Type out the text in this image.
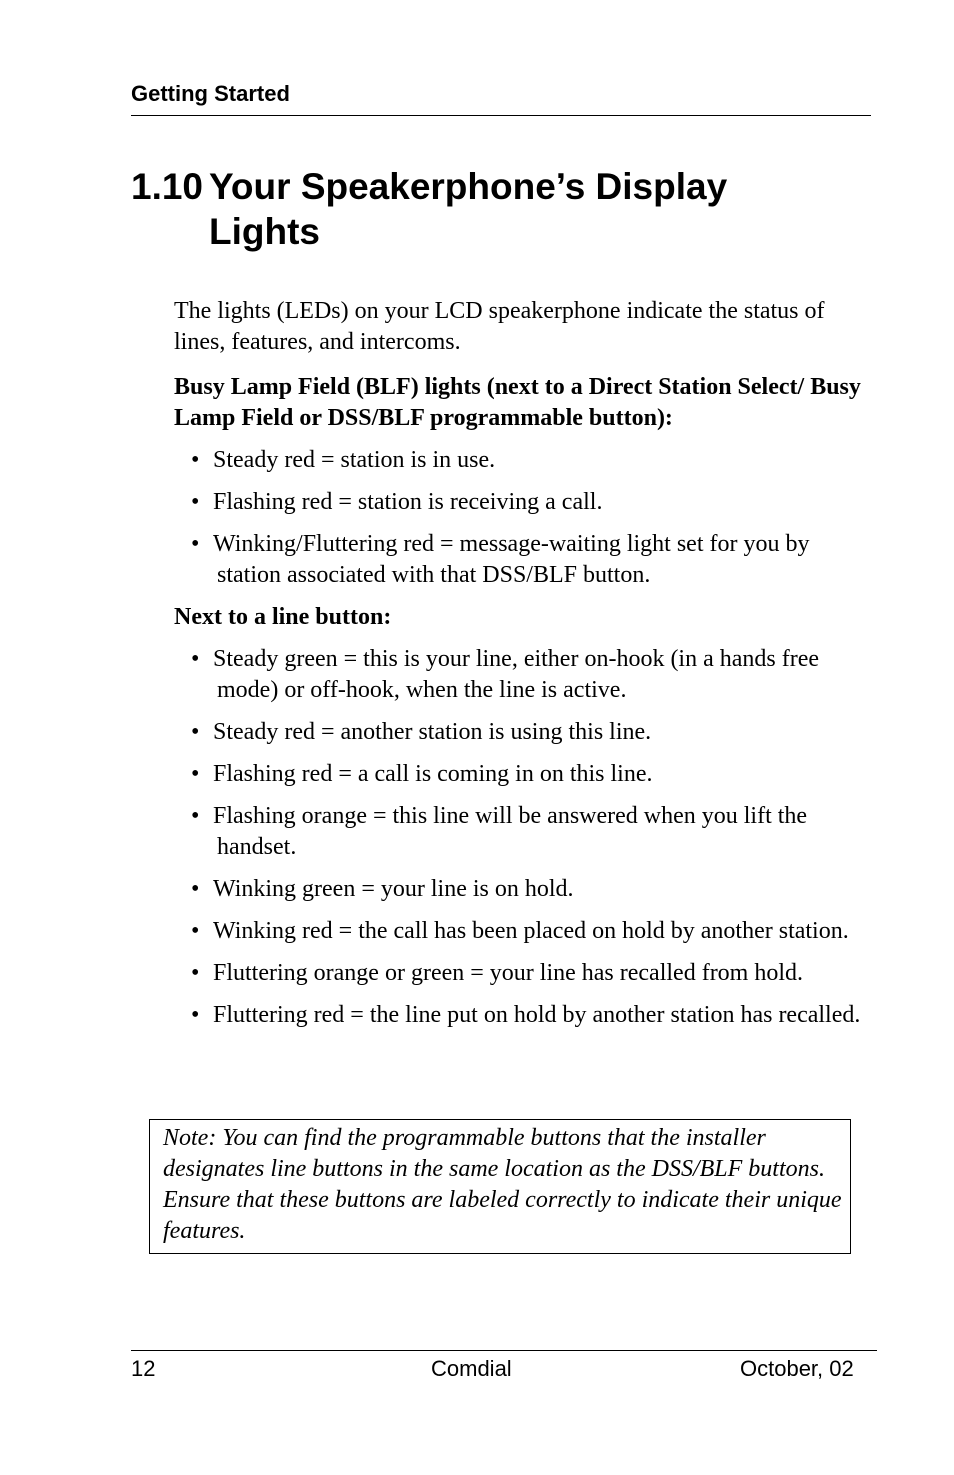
Getting Started
1.10 Your Speakerphone’s Display
Lights

The lights (LEDs) on your LCD speakerphone indicate the status of lines, features, and intercoms.

Busy Lamp Field (BLF) lights (next to a Direct Station Select/ Busy Lamp Field or DSS/BLF programmable button):

• Steady red = station is in use.
• Flashing red = station is receiving a call.
• Winking/Fluttering red = message-waiting light set for you by station associated with that DSS/BLF button.

Next to a line button:

• Steady green = this is your line, either on-hook (in a hands free mode) or off-hook, when the line is active.
• Steady red = another station is using this line.
• Flashing red = a call is coming in on this line.
• Flashing orange = this line will be answered when you lift the handset.
• Winking green = your line is on hold.
• Winking red = the call has been placed on hold by another station.
• Fluttering orange or green = your line has recalled from hold.
• Fluttering red = the line put on hold by another station has recalled.
Note: You can find the programmable buttons that the installer designates line buttons in the same location as the DSS/BLF buttons. Ensure that these buttons are labeled correctly to indicate their unique features.
12	Comdial	October, 02
